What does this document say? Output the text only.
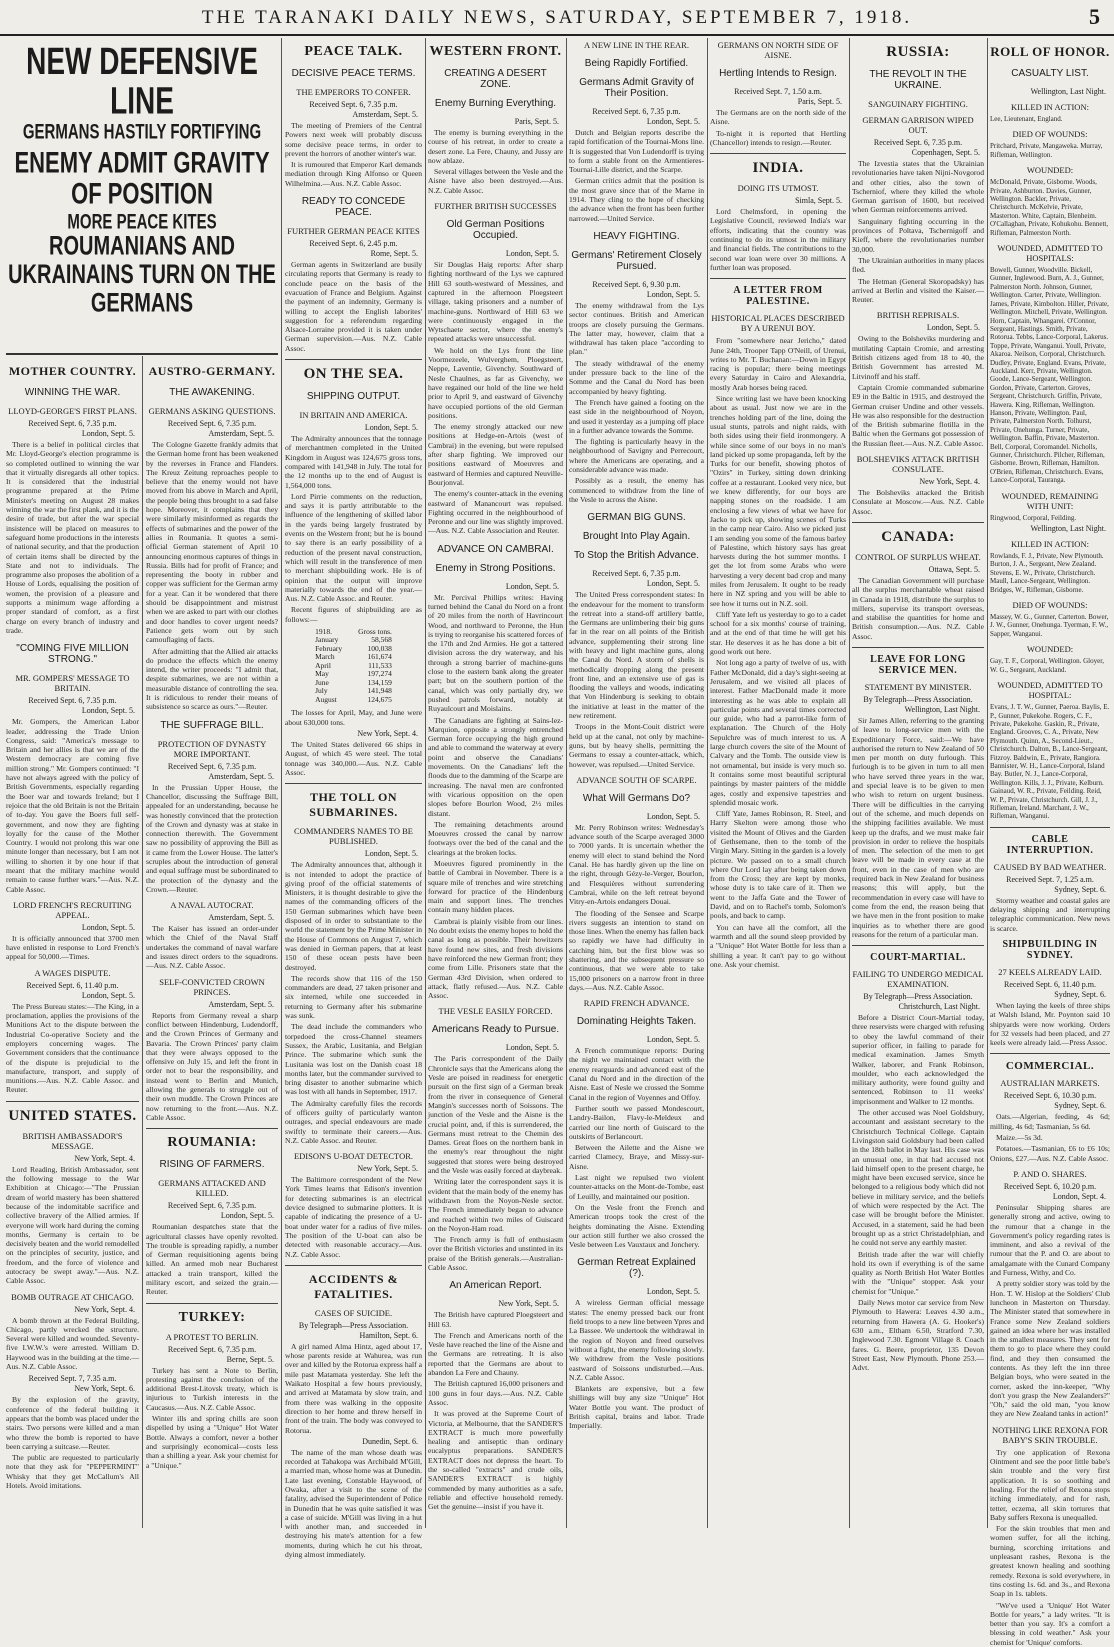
THE TARANAKI DAILY NEWS, SATURDAY, SEPTEMBER 7, 1918.	5
NEW DEFENSIVE LINE
GERMANS HASTILY FORTIFYING
ENEMY ADMIT GRAVITY OF POSITION
MORE PEACE KITES
ROUMANIANS AND UKRAINAINS TURN ON THE GERMANS
MOTHER COUNTRY.
WINNING THE WAR.
LLOYD-GEORGE'S FIRST PLANS.
Received Sept. 6, 7.35 p.m.
London, Sept. 5.

There is a belief in political circles that Mr. Lloyd-George's election programme is so completed outlined to winning the war that it virtually disregards all other topics. It is considered that the industrial programme prepared at the Prime Minister's meeting on August 28 makes winning the war the first plank, and it is the desire of trade, but after the war special insistence will be placed on measures to safeguard home productions in the interests of national security, and that the production of certain items shall be directed by the State and not to individuals. The programme also proposes the abolition of a House of Lords, equalising the position of women, the provision of a pleasure and supports a minimum wage affording a proper standard of comfort, as a first charge on every branch of industry and trade.

"COMING FIVE MILLION STRONG."
MR. GOMPERS' MESSAGE TO BRITAIN.
Received Sept. 6, 7.35 p.m.
London, Sept. 5.

Mr. Gompers, the American Labor leader, addressing the Trade Union Congress, said: "America's message to Britain and her allies is that we are of the Western democracy are coming five million strong." Mr. Gompers continued: "I have not always agreed with the policy of British Governments, especially regarding the Boer war and towards Ireland; but I rejoice that the old Britain is not the Britain of to-day. You gave the Boers full self-government, and now they are fighting loyally for the cause of the Mother Country. I would not prolong this war one minute longer than necessary, but I am not willing to shorten it by one hour if that meant that the military machine would remain to cause further wars."—Aus. N.Z. Cable Assoc.

LORD FRENCH'S RECRUITING APPEAL.
London, Sept. 5.

It is officially announced that 3700 men have enlisted in response to Lord French's appeal for 50,000.—Times.

A WAGES DISPUTE.
Received Sept. 6, 11.40 p.m.
London, Sept. 5.

The Press Bureau states:—The King, in a proclamation, applies the provisions of the Munitions Act to the dispute between the Industrial Co-operative Society and the employers concerning wages. The Government considers that the continuance of the dispute is prejudicial to the manufacture, transport, and supply of munitions.—Aus. N.Z. Cable Assoc. and Reuter.

UNITED STATES.
BRITISH AMBASSADOR'S MESSAGE.
New York, Sept. 4.

Lord Reading, British Ambassador, sent the following message to the War Exhibition at Chicago:—"The Prussian dream of world mastery has been shattered because of the indomitable sacrifice and collective bravery of the Allied armies. If everyone will work hard during the coming months, Germany is certain to be decisively beaten and the world remodelled on the principles of security, justice, and freedom, and the force of violence and autocracy be swept away."—Aus. N.Z. Cable Assoc.

BOMB OUTRAGE AT CHICAGO.
New York, Sept. 4.

A bomb thrown at the Federal Building, Chicago, partly wrecked the structure. Several were killed and wounded. Seventy-five I.W.W.'s were arrested. William D. Haywood was in the building at the time.—Aus. N.Z. Cable Assoc.

Received Sept. 7, 7.35 a.m.
New York, Sept. 6.

By the explosion of the gravity, conference of the federal building it appears that the bomb was placed under the stairs. Two persons were killed and a man who threw the bomb is reported to have been carrying a suitcase.—Reuter.

The public are requested to particularly note that they ask for "PEPPERMINT" Whisky that they get McCallum's All Hotels. Avoid imitations.

AUSTRO-GERMANY.
THE AWAKENING.
GERMANS ASKING QUESTIONS.
Received Sept. 6, 7.35 p.m.
Amsterdam, Sept. 5.

The Cologne Gazette frankly admits that the German home front has been weakened by the reverses in France and Flanders. The Kreuz Zeitung reproaches people to believe that the enemy would not have moved from his above in March and April, the people being thus brought to a sad false hope. Moreover, it complains that they were similarly misinformed as regards the effects of submarines and the power of the allies in Roumania. It quotes a semi-official German statement of April 10 announcing enormous captures of things in Russia. Bills had for profit of France; and representing the booty in rubber and copper was sufficient for the German army for a year. Can it be wondered that there should be disappointment and mistrust when we are asked to part with our clothes and door handles to cover urgent needs? Patience gets worn out by such camouflaging of facts.

After admitting that the Allied air attacks do produce the effects which the enemy intend, the writer proceeds: "I admit that, despite submarines, we are not within a measurable distance of controlling the sea. It is ridiculous to render their means of subsistence so scarce as ours."—Reuter.

THE SUFFRAGE BILL.
PROTECTION OF DYNASTY MORE IMPORTANT.
Received Sept. 6, 7.35 p.m.
Amsterdam, Sept. 5.

In the Prussian Upper House, the Chancellor, discussing the Suffrage Bill, appealed for an understanding, because he was honestly convinced that the protection of the Crown and dynasty was at stake in connection therewith. The Government saw no possibility of approving the Bill as it came from the Lower House. The latter's scruples about the introduction of general and equal suffrage must be subordinated to the protection of the dynasty and the Crown.—Reuter.

A NAVAL AUTOCRAT.
Amsterdam, Sept. 5.

The Kaiser has issued an order-under which the Chief of the Naval Staff undertakes the command of naval warfare and issues direct orders to the squadrons.—Aus. N.Z. Cable Assoc.

SELF-CONVICTED CROWN PRINCES.
Amsterdam, Sept. 5.

Reports from Germany reveal a sharp conflict between Hindenburg, Ludendorff, and the Crown Princes of Germany and Bavaria. The Crown Princes' party claim that they were always opposed to the offensive on July 15, and left the front in order not to bear the responsibility, and instead went to Berlin and Munich, allowing the generals to struggle out of their own muddle. The Crown Princes are now returning to the front.—Aus. N.Z. Cable Assoc.

ROUMANIA:
RISING OF FARMERS.
GERMANS ATTACKED AND KILLED.
Received Sept. 6, 7.35 p.m.
London, Sept. 5.

Roumanian despatches state that the agricultural classes have openly revolted. The trouble is spreading rapidly, a number of German requisitioning agents being killed. An armed mob near Bucharest attacked a train transport, killed the military escort, and seized the grain.—Reuter.

TURKEY:
A PROTEST TO BERLIN.
Received Sept. 6, 7.35 p.m.
Berne, Sept. 5.

Turkey has sent a Note to Berlin, protesting against the conclusion of the additional Brest-Litovsk treaty, which is injurious to Turkish interests in the Caucasus.—Aus. N.Z. Cable Assoc.

Winter ills and spring chills are soon dispelled by using a "Unique" Hot Water Bottle. Always a comfort, never a bother and surprisingly economical—costs less than a shilling a year. Ask your chemist for a "Unique."

PEACE TALK.
DECISIVE PEACE TERMS.
THE EMPERORS TO CONFER.
Received Sept. 6, 7.35 p.m.
Amsterdam, Sept. 5.

The meeting of Premiers of the Central Powers next week will probably discuss some decisive peace terms, in order to prevent the horrors of another winter's war.

It is rumoured that Emperor Karl demands mediation through King Alfonso or Queen Wilhelmina.—Aus. N.Z. Cable Assoc.

READY TO CONCEDE PEACE.
FURTHER GERMAN PEACE KITES
Received Sept. 6, 2.45 p.m.
Rome, Sept. 5.

German agents in Switzerland are busily circulating reports that Germany is ready to conclude peace on the basis of the evacuation of France and Belgium. Against the payment of an indemnity, Germany is willing to accept the English laborites' suggestion for a referendum regarding Alsace-Lorraine provided it is taken under German supervision.—Aus. N.Z. Cable Assoc.

ON THE SEA.
SHIPPING OUTPUT.
IN BRITAIN AND AMERICA.
London, Sept. 5.

The Admiralty announces that the tonnage of merchantmen completed in the United Kingdom in August was 124,675 gross tons, compared with 141,948 in July. The total for the 12 months up to the end of August is 1,564,000 tons.

Lord Pirrie comments on the reduction, and says it is partly attributable to the influence of the lengthening of skilled labor in the yards being largely frustrated by events on the Western front; but he is bound to say there is an early possibility of a reduction of the present naval construction, which will result in the transference of men to merchant shipbuilding work. He is of opinion that the output will improve materially towards the end of the year.—Aus. N.Z. Cable Assoc. and Reuter.

Recent figures of shipbuilding are as follows:—

1918.	Gross tons.
January	58,568
February	100,038
March	161,674
April	111,533
May	197,274
June	134,159
July	141,948
August	124,675

The losses for April, May, and June were about 630,000 tons.

New York, Sept. 4.

The United States delivered 66 ships in August, of which 45 were steel. The total tonnage was 340,000.—Aus. N.Z. Cable Assoc.

THE TOLL ON SUBMARINES.
COMMANDERS NAMES TO BE PUBLISHED.
London, Sept. 5.

The Admiralty announces that, although it is not intended to adopt the practice of giving proof of the official statements of Ministers, it is thought desirable to give the names of the commanding officers of the 150 German submarines which have been disposed of in order to substantiate to the world the statement by the Prime Minister in the House of Commons on August 7, which was denied in German papers, that at least 150 of these ocean pests have been destroyed.

The records show that 116 of the 150 commanders are dead, 27 taken prisoner and six interned, while one succeeded in returning to Germany after his submarine was sunk.

The dead include the commanders who torpedoed the cross-Channel steamers Sussex, the Arabic, Lusitania, and Belgian Prince. The submarine which sunk the Lusitania was lost on the Danish coast 18 months later, but the commander survived to bring disaster to another submarine which was lost with all hands in September, 1917.

The Admiralty carefully files the records of officers guilty of particularly wanton outrages, and special endeavours are made swiftly to terminate their careers.—Aus. N.Z. Cable Assoc. and Reuter.

EDISON'S U-BOAT DETECTOR.
New York, Sept. 5.

The Baltimore correspondent of the New York Times learns that Edison's invention for detecting submarines is an electrical device designed to submarine plotters. It is capable of indicating the presence of a U-boat under water for a radius of five miles. The position of the U-boat can also be detected with reasonable accuracy.—Aus. N.Z. Cable Assoc.

ACCIDENTS & FATALITIES.
CASES OF SUICIDE.
By Telegraph—Press Association.
Hamilton, Sept. 6.

A girl named Alma Hintz, aged about 17, whose parents reside at Wahurea, was run over and killed by the Rotorua express half a mile past Matamata yesterday. She left the Waikato Hospital a few hours previously, and arrived at Matamata by slow train, and from there was walking in the opposite direction to her home and threw herself in front of the train. The body was conveyed to Rotorua.

Dunedin, Sept. 6.

The name of the man whose death was recorded at Tahakopa was Archibald M'Gill, a married man, whose home was at Dunedin. Late last evening, Constable Haywood, of Owaka, after a visit to the scene of the fatality, advised the Superintendent of Police in Dunedin that he was quite satisfied it was a case of suicide. M'Gill was living in a hut with another man, and succeeded in destroying his mate's attention for a few moments, during which he cut his throat, dying almost immediately.

WESTERN FRONT.
CREATING A DESERT ZONE.
Enemy Burning Everything.
Paris, Sept. 5.

The enemy is burning everything in the course of his retreat, in order to create a desert zone. La Fere, Chauny, and Jussy are now ablaze.

Several villages between the Vesle and the Aisne have also been destroyed.—Aus. N.Z. Cable Assoc.

FURTHER BRITISH SUCCESSES
Old German Positions Occupied.
London, Sept. 5.

Sir Douglas Haig reports: After sharp fighting northward of the Lys we captured Hill 63 south-westward of Messines, and captured in the afternoon Ploegsteert village, taking prisoners and a number of machine-guns. Northward of Hill 63 we were continuously engaged in the Wytschaete sector, where the enemy's repeated attacks were unsuccessful.

We hold on the Lys front the line Voormezeele, Wulverghem, Ploegsteert, Neppe, Laventie, Givenchy. Southward of Nesle Chaulnes, as far as Givenchy, we have regained our hold of the line we held prior to April 9, and eastward of Givenchy have occupied portions of the old German positions.

The enemy strongly attacked our new positions at Hedge-en-Artois (west of Cambrai) in the evening, but were repulsed after sharp fighting. We improved our positions eastward of Moeuvres and eastward of Hermies and captured Neuville-Bourjonval.

The enemy's counter-attack in the evening eastward of Manancourt was repulsed. Fighting occurred in the neighbourhood of Peronne and our line was slightly improved.—Aus. N.Z. Cable Association and Reuter.

ADVANCE ON CAMBRAI.
Enemy in Strong Positions.
London, Sept. 5.

Mr. Percival Phillips writes: Having turned behind the Canal du Nord on a front of 20 miles from the north of Havrincourt Wood, and northward to Peronne, the Hun is trying to reorganise his scattered forces of the 17th and 2nd Armies. He got a tattered division across the dry waterway, and his through a strong barrier of machine-guns close to the eastern bank along the greater part; but on the southern portion of the canal, which was only partially dry, we pushed patrols forward, notably at Ruyaulcourt and Moislains.

The Canadians are fighting at Sains-lez-Marquion, opposite a strongly entrenched German force occupying the high ground and able to command the waterway at every point and observe the Canadians' movements. On the Canadians' left the floods due to the damming of the Scarpe are increasing. The naval men are confronted with vicarious opposition on the open slopes before Bourlon Wood, 2½ miles distant.

The remaining detachments around Moeuvres crossed the canal by narrow footways over the bed of the canal and the clearings at the broken locks.

Moeuvres figured prominently in the battle of Cambrai in November. There is a square mile of trenches and wire stretching forward for practice of the Hindenburg main and support lines. The trenches contain many hidden places.

Cambrai is plainly visible from our lines. No doubt exists the enemy hopes to hold the canal as long as possible. Their howitzers have found new sites, and fresh divisions have reinforced the new German front; they come from Lille. Prisoners state that the German 43rd Division, when ordered to attack, flatly refused.—Aus. N.Z. Cable Assoc.

THE VESLE EASILY FORCED.
Americans Ready to Pursue.
London, Sept. 5.

The Paris correspondent of the Daily Chronicle says that the Americans along the Vesle are poised in readiness for energetic pursuit on the first sign of a German break from the river in consequence of General Mangin's successes north of Soissons. The junction of the Vesle and the Aisne is the crucial point, and, if this is surrendered, the Germans must retreat to the Chemin des Dames. Great floes on the northern bank in the enemy's rear throughout the night suggested that stores were being destroyed and the Vesle was easily forced at daybreak.

Writing later the correspondent says it is evident that the main body of the enemy has withdrawn from the Noyon-Nesle sector. The French immediately began to advance and reached within two miles of Guiscard on the Noyon-Ham road.

The French army is full of enthusiasm over the British victories and unstinted in its praise of the British generals.—Australian-Cable Assoc.

An American Report.
New York, Sept. 5.

The British have captured Ploegsteert and Hill 63.

The French and Americans north of the Vesle have reached the line of the Aisne and the Germans are retreating. It is also reported that the Germans are about to abandon La Fere and Chauny.

The British captured 16,000 prisoners and 100 guns in four days.—Aus. N.Z. Cable Assoc.

It was proved at the Supreme Court of Victoria, at Melbourne, that the SANDER'S EXTRACT is much more powerfully healing and antiseptic than ordinary eucalyptus preparations. SANDER'S EXTRACT does not depress the heart. To the so-called "extracts" and crude oils, SANDER'S EXTRACT is highly commended by many authorities as a safe, reliable and effective household remedy. Get the genuine—insist if you have it.

A NEW LINE IN THE REAR.
Being Rapidly Fortified.
Germans Admit Gravity of Their Position.
Received Sept. 6, 7.35 p.m.
London, Sept. 5.

Dutch and Belgian reports describe the rapid fortification of the Tournai-Mons line. It is suggested that Von Ludendorff is trying to form a stable front on the Armentieres-Tournai-Lille district, and the Scarpe.

German critics admit that the position is the most grave since that of the Marne in 1914. They cling to the hope of checking the advance when the front has been further narrowed.—United Service.

HEAVY FIGHTING.
Germans' Retirement Closely Pursued.
Received Sept. 6, 9.30 p.m.
London, Sept. 5.

The enemy withdrawal from the Lys sector continues. British and American troops are closely pursuing the Germans. The latter may, however, claim that a withdrawal has taken place "according to plan."

The steady withdrawal of the enemy under pressure back to the line of the Somme and the Canal du Nord has been accompanied by heavy fighting.

The French have gained a footing on the east side in the neighbourhood of Noyon, and used it yesterday as a jumping off place in a further advance towards the Somme.

The fighting is particularly heavy in the neighbourhood of Savigny and Perrecourt, where the Americans are operating, and a considerable advance was made.

Possibly as a result, the enemy has commenced to withdraw from the line of the Vesle to across the Aisne.

GERMAN BIG GUNS.
Brought Into Play Again.
To Stop the British Advance.
Received Sept. 6, 7.35 p.m.
London, Sept. 5.

The United Press correspondent states: In the endeavour for the moment to transform the retreat into a stand-off artillery battle, the Germans are unlimbering their big guns far in the rear on all points of the British advance, supplementing their strong line with heavy and light machine guns, along the Canal du Nord. A storm of shells is methodically dropping along the present front line, and an extensive use of gas is flooding the valleys and woods, indicating that Von Hindenburg is seeking to obtain the initiative at least in the matter of the new retirement.

Troops in the Mont-Couit district were held up at the canal, not only by machine-guns, but by heavy shells, permitting the Germans to essay a counter-attack, which, however, was repulsed.—United Service.

ADVANCE SOUTH OF SCARPE.
What Will Germans Do?
London, Sept. 5.

Mr. Perry Robinson writes: Wednesday's advance south of the Scarpe averaged 3000 to 7000 yards. It is uncertain whether the enemy will elect to stand behind the Nord Canal. He has hardly given up the line on the right, through Gézy-le-Verger, Bourlon, and Flesquières without surrendering Cambrai, while on the left retreat beyond Vitry-en-Artois endangers Douai.

The flooding of the Sensee and Scarpe rivers suggests an intention to stand on those lines. When the enemy has fallen back so rapidly we have had difficulty in catching him, but the first blow was so shattering, and the subsequent pressure so continuous, that we were able to take 15,000 prisoners on a narrow front in three days.—Aus. N.Z. Cable Assoc.

RAPID FRENCH ADVANCE.
Dominating Heights Taken.
London, Sept. 5.

A French communique reports: During the night we maintained contact with the enemy rearguards and advanced east of the Canal du Nord and in the direction of the Aisne. East of Nesle we crossed the Somme Canal in the region of Voyennes and Offoy.

Further south we passed Mondescourt, Landry-Bailon, Flavy-le-Meldeux and carried our line north of Guiscard to the outskirts of Berlancourt.

Between the Ailette and the Aisne we carried Clamecy, Braye, and Missy-sur-Aisne.

Last night we repulsed two violent counter-attacks on the Mont-de-Tombe, east of Leuilly, and maintained our position.

On the Vesle front the French and American troops took the crest of the heights dominating the Aisne. Extending our action still further we also crossed the Vesle between Les Vauxtaux and Jonchery.

German Retreat Explained (?).
London, Sept. 5.

A wireless German official message states: The enemy pressed back our front field troops to a new line between Ypres and La Bassee. We undertook the withdrawal in the region of Noyon and freed ourselves without a fight, the enemy following slowly. We withdrew from the Vesle positions eastward of Soissons undisturbed.—Aus. N.Z. Cable Assoc.

Blankets are expensive, but a few shillings will buy any size "Unique" Hot Water Bottle you want. The product of British capital, brains and labor. Trade Imperially.

GERMANS ON NORTH SIDE OF AISNE.
Hertling Intends to Resign.
Received Sept. 7, 1.50 a.m.
Paris, Sept. 5.

The Germans are on the north side of the Aisne.

To-night it is reported that Hertling (Chancellor) intends to resign.—Reuter.

INDIA.
DOING ITS UTMOST.
Simla, Sept. 5.

Lord Chelmsford, in opening the Legislative Council, reviewed India's war efforts, indicating that the country was continuing to do its utmost in the military and financial fields. The contributions to the second war loan were over 30 millions. A further loan was proposed.

A LETTER FROM PALESTINE.
HISTORICAL PLACES DESCRIBED BY A URENUI BOY.

From "somewhere near Jericho," dated June 24th, Trooper Tapp O'Neill, of Urenui, writes to Mr. T. Buchanan:—Down in Egypt racing is popular; there being meetings every Saturday in Cairo and Alexandria, mostly Arab horses being raced.

Since writing last we have been knocking about as usual. Just now we are in the trenches holding part of the line, doing the usual stunts, patrols and night raids, with both sides using their field ironmongery. A while since some of our boys in no man's land picked up some propaganda, left by the Turks for our benefit, showing photos of "Ozirs" in Turkey, sitting down drinking coffee at a restaurant. Looked very nice, but we knew differently, for our boys are napping stones on the roadside. I am enclosing a few views of what we have for Jacko to pick up, showing scenes of Turks in the camp near Cairo. Also we picked just I am sending you some of the famous barley of Palestine, which history says has great harvests during the hot summer months. I get the lot from some Arabs who were harvesting a very decent bad crop and many miles from Jerusalem. It ought to be ready here in NZ spring and you will be able to see how it turns out in N.Z. soil.

Cliff Yate left us yesterday to go to a cadet school for a six months' course of training, and at the end of that time he will get his star. He deserves it as he has done a bit of good work out here.

Not long ago a party of twelve of us, with Father McDonald, did a day's sight-seeing at Jerusalem, and we visited all places of interest. Father MacDonald made it more interesting as he was able to explain all particular points and several times corrected our guide, who had a parrot-like form of explanation. The Church of the Holy Sepulchre was of much interest to us. A large church covers the site of the Mount of Calvary and the Tomb. The outside view is not ornamental, but inside is very much so. It contains some most beautiful scriptural paintings by master painters of the middle ages, costly and expensive tapestries and splendid mosaic work.

Cliff Yate, James Robinson, R. Steel, and Harry Skelton were among those who visited the Mount of Olives and the Garden of Gethsemane, then to the tomb of the Virgin Mary. Sitting in the garden is a lovely picture. We passed on to a small church where Our Lord lay after being taken down from the Cross; they are kept by monks, whose duty is to take care of it. Then we went to the Jaffa Gate and the Tower of David, and on to Rachel's tomb, Solomon's pools, and back to camp.

You can have all the comfort, all the warmth and all the sound sleep provided by a "Unique" Hot Water Bottle for less than a shilling a year. It can't pay to go without one. Ask your chemist.

RUSSIA:
THE REVOLT IN THE UKRAINE.
SANGUINARY FIGHTING.
GERMAN GARRISON WIPED OUT.
Received Sept. 6, 7.35 p.m.
Copenhagen, Sept. 5.

The Izvestia states that the Ukrainian revolutionaries have taken Nijni-Novgorod and other cities, also the town of Tscherniof, where they killed the whole German garrison of 1600, but received when German reinforcements arrived.

Sanguinary fighting occurring in the provinces of Poltava, Tschernigoff and Kieff, where the revolutionaries number 30,000.

The Ukrainian authorities in many places fled.

The Hetman (General Skoropadsky) has arrived at Berlin and visited the Kaiser.—Reuter.

BRITISH REPRISALS.
London, Sept. 5.

Owing to the Bolsheviks murdering and mutilating Captain Cromie, and arresting British citizens aged from 18 to 40, the British Government has arrested M. Litvinoff and his staff.

Captain Cromie commanded submarine E9 in the Baltic in 1915, and destroyed the German cruiser Undine and other vessels. He was also responsible for the destruction of the British submarine flotilla in the Baltic when the Germans got possession of the Russian fleet.—Aus. N.Z. Cable Assoc.

BOLSHEVIKS ATTACK BRITISH CONSULATE.
New York, Sept. 4.

The Bolsheviks attacked the British Consulate at Moscow.—Aus. N.Z. Cable Assoc.

CANADA:
CONTROL OF SURPLUS WHEAT.
Ottawa, Sept. 5.

The Canadian Government will purchase all the surplus merchantable wheat raised in Canada in 1918, distribute the surplus to millers, supervise its transport overseas, and stabilise the quantities for home and British consumption.—Aus. N.Z. Cable Assoc.

LEAVE FOR LONG SERVICE MEN.
STATEMENT BY MINISTER.
By Telegraph—Press Association.
Wellington, Last Night.

Sir James Allen, referring to the granting of leave to long-service men with the Expeditionary Force, said:—We have authorised the return to New Zealand of 50 men per month on duty furlough. This furlough is to be given in turn to all men who have served three years in the war, and special leave is to be given to men who wish to return on urgent business. There will be difficulties in the carrying out of the scheme, and much depends on the shipping facilities available. We must keep up the drafts, and we must make fair provision in order to relieve the hospitals of men. The selection of the men to get leave will be made in every case at the front, even in the case of men who are required back in New Zealand for business reasons; this will apply, but the recommendation in every case will have to come from the end, the reason being that we have men in the front position to make inquiries as to whether there are good reasons for the return of a particular man.

COURT-MARTIAL.
FAILING TO UNDERGO MEDICAL EXAMINATION.
By Telegraph—Press Association.
Christchurch, Last Night.

Before a District Court-Martial today, three reservists were charged with refusing to obey the lawful command of their superior officer, in failing to parade for medical examination. James Smyth Walker, laborer, and Frank Robinson, moulder, who each acknowledged the military authority, were found guilty and sentenced, Robinson to 11 weeks' imprisonment and Walker to 12 months.

The other accused was Noel Goldsbury, accountant and assistant secretary to the Christchurch Technical College. Captain Livingston said Goldsbury had been called in the 18th ballot in May last. His case was an unusual one, in that had accused not laid himself open to the present charge, he might have been excused service, since he belonged to a religious body which did not believe in military service, and the beliefs of which were respected by the Act. The case will be brought before the Minister. Accused, in a statement, said he had been brought up as a strict Christadelphian, and he could not serve any earthly master.

British trade after the war will chiefly hold its own if everything is of the same quality as North British Hot Water Bottles with the "Unique" stopper. Ask your chemist for "Unique."

Daily News motor car service from New Plymouth to Hawera: Leaves 4.30 a.m., returning from Hawera (A. G. Hooker's) 630 a.m., Eltham 6.50, Stratford 7.30, Inglewood 7.30. Egmont Village 8. Coach fares. G. Beere, proprietor, 135 Devon Street East, New Plymouth. Phone 253.—Advt.

ROLL OF HONOR.
CASUALTY LIST.
Wellington, Last Night.
KILLED IN ACTION:

Lee, Lieutenant, England.

DIED OF WOUNDS:

Pritchard, Private, Mangaweka. Murray, Rifleman, Wellington.

WOUNDED:

McDonald, Private, Gisborne. Woods, Private, Ashburton. Davies, Gunner, Wellington. Backler, Private, Christchurch. McKelvie, Private, Masterton. White, Captain, Blenheim. O'Callaghan, Private, Kohukohu. Bennett, Rifleman, Palmerston North.

WOUNDED, ADMITTED TO HOSPITALS:

Bowell, Gunner, Woodville. Bickell, Gunner, Inglewood. Burn, A. J., Gunner, Palmerston North. Johnson, Gunner, Wellington. Carter, Private, Wellington. James, Private, Kimbolton. Hiller, Private, Wellington. Mitchell, Private, Wellington. Horn, Captain, Whangarei. O'Connor, Sergeant, Hastings. Smith, Private, Rotorua. Tebbs, Lance-Corporal, Lakerus. Toppe, Private, Wanganui. Youll, Private, Akaroa. Neilson, Corporal, Christchurch. Dudley, Private, England. Evans, Private, Auckland. Kerr, Private, Wellington. Goode, Lance-Sergeant, Wellington. Gordon, Private, Carterton. Groves, Sergeant, Christchurch. Griffin, Private, Hawera. King, Rifleman, Wellington. Hanson, Private, Wellington. Paul, Private, Palmerston North. Tolhurst, Private, Onehunga. Turner, Private, Wellington. Baffin, Private, Masterton. Bell, Corporal, Coromandel. Nicholls, Gunner, Christchurch. Pilcher, Rifleman, Gisborne. Brown, Rifleman, Hamilton. O'Brien, Rifleman, Christchurch. Evans, Lance-Corporal, Tauranga.

WOUNDED, REMAINING WITH UNIT:

Ringwood, Corporal, Feilding.

Wellington, Last Night.
KILLED IN ACTION:

Rowlands, F. J., Private, New Plymouth. Burton, J. A., Sergeant, New Zealand. Stevens, E. W., Private, Christchurch. Maull, Lance-Sergeant, Wellington. Bridges, W., Rifleman, Gisborne.

DIED OF WOUNDS:

Massey, W. G., Gunner, Carterton. Bower, J. W., Gunner, Onehunga. Tyerman, F. W., Sapper, Wanganui.

WOUNDED:

Gay, T. F., Corporal, Wellington. Gloyer, W. G., Sergeant, Auckland.

WOUNDED, ADMITTED TO HOSPITAL:

Evans, J. T. W., Gunner, Paeroa. Baylis, E. P., Gunner, Pukekohe. Rogers, C. F., Private, Pukekohe. Gaskin, R., Private, England. Grooves, C. A., Private, New Plymouth. Quinn, A., Second-Lieut., Christchurch. Dalton, B., Lance-Sergeant, Fitzroy. Baldwin, E., Private, Rangiora. Bannister, W. H., Lance-Corporal, Island Bay. Butler, N. J., Lance-Corporal, Wellington. Kills, J. J., Private, Kelburn. Gainaud, W. R., Private, Feilding. Reid, W. P., Private, Christchurch. Gill, J. J., Rifleman, Ireland. Marchant, J. W., Rifleman, Wanganui.

CABLE INTERRUPTION.
CAUSED BY BAD WEATHER.
Received Sept. 7, 1.25 a.m.
Sydney, Sept. 6.

Stormy weather and coastal gales are delaying shipping and interrupting telegraphic communication. New news is scarce.

SHIPBUILDING IN SYDNEY.
27 KEELS ALREADY LAID.
Received Sept. 6, 11.40 p.m.
Sydney, Sept. 6.

When laying the keels of three ships at Walsh Island, Mr. Poynton said 10 shipyards were now working. Orders for 32 vessels had been placed, and 27 keels were already laid.—Press Assoc.

COMMERCIAL.
AUSTRALIAN MARKETS.
Received Sept. 6, 10.30 p.m.
Sydney, Sept. 6.

Oats.—Algerian, feeding, 4s 6d; milling, 4s 6d; Tasmanian, 5s 6d.

Maize.—5s 3d.

Potatoes.—Tasmanian, £6 to £6 10s; Onions, £27.—Aus. N.Z. Cable Assoc.

P. AND O. SHARES.
Received Sept. 6, 10.20 p.m.
London, Sept. 4.

Peninsular Shipping shares are generally strong and active, owing to the rumour that a change in the Government's policy regarding rates is imminent, and also a revival of the rumour that the P. and O. are about to amalgamate with the Cunard Company and Furness, Withy, and Co.

A pretty soldier story was told by the Hon. T. W. Hislop at the Soldiers' Club luncheon in Masterton on Thursday. The Minister stated that somewhere in France some New Zealand soldiers gained an idea where her was installed in the smallest measures. They sent for them to go to place where they could find, and they then consumed the contents. As they left the inn three Belgian boys, who were seated in the corner, asked the inn-keeper, "Why don't you grasp the New Zealanders?" "Oh," said the old man, "you know they are New Zealand tanks in action!"

NOTHING LIKE REXONA FOR BABY'S SKIN TROUBLE.

Try one application of Rexona Ointment and see the poor little babe's skin trouble and the very first application. It is so soothing and healing. For the relief of Rexona stops itching immediately, and for rash, tetter, eczema, all skin tortures that Baby suffers Rexona is unequalled.

For the skin troubles that men and women suffer, for all the itching, burning, scorching irritations and unpleasant rashes, Rexona is the greatest known healing and soothing remedy. Rexona is sold everywhere, in tins costing 1s. 6d. and 3s., and Rexona Soap in 1s. tablets.

"We've used a 'Unique' Hot Water Bottle for years," a lady writes. "It is better than you say. It's a comfort a blessing in cold weather." Ask your chemist for 'Unique' comforts.
